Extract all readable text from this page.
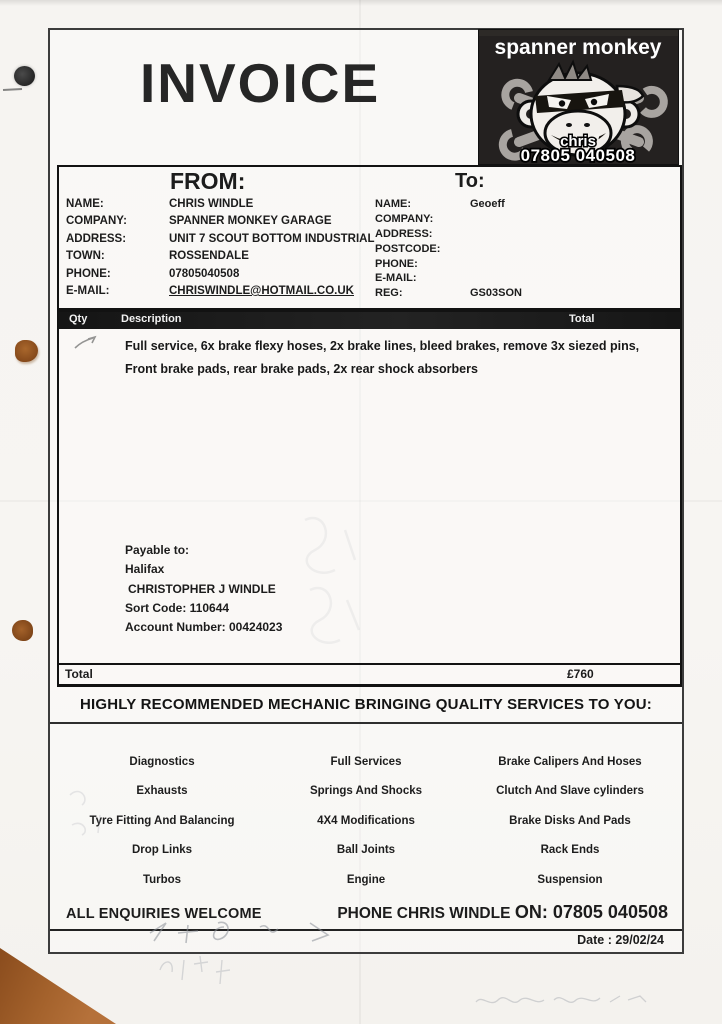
INVOICE
spanner monkey
chris
07805 040508
FROM:	To:
NAME:	CHRIS WINDLE
COMPANY:	SPANNER MONKEY GARAGE
ADDRESS:	UNIT 7 SCOUT BOTTOM INDUSTRIAL
TOWN:	ROSSENDALE
PHONE:	07805040508
E-MAIL:	CHRISWINDLE@HOTMAIL.CO.UK
NAME:	Geoeff
COMPANY:
ADDRESS:
POSTCODE:
PHONE:
E-MAIL:
REG:	GS03SON
Qty	Description	Total
Full service, 6x brake flexy hoses, 2x brake lines, bleed brakes, remove 3x siezed pins,
Front brake pads, rear brake pads, 2x rear shock absorbers
Payable to:
Halifax
CHRISTOPHER J WINDLE
Sort Code: 110644
Account Number: 00424023
Total	£760
HIGHLY RECOMMENDED MECHANIC BRINGING QUALITY SERVICES TO YOU:
Diagnostics	Full Services	Brake Calipers And Hoses
Exhausts	Springs And Shocks	Clutch And Slave cylinders
Tyre Fitting And Balancing	4X4 Modifications	Brake Disks And Pads
Drop Links	Ball Joints	Rack Ends
Turbos	Engine	Suspension
ALL ENQUIRIES WELCOME	PHONE CHRIS WINDLE ON: 07805 040508
Date : 29/02/24
